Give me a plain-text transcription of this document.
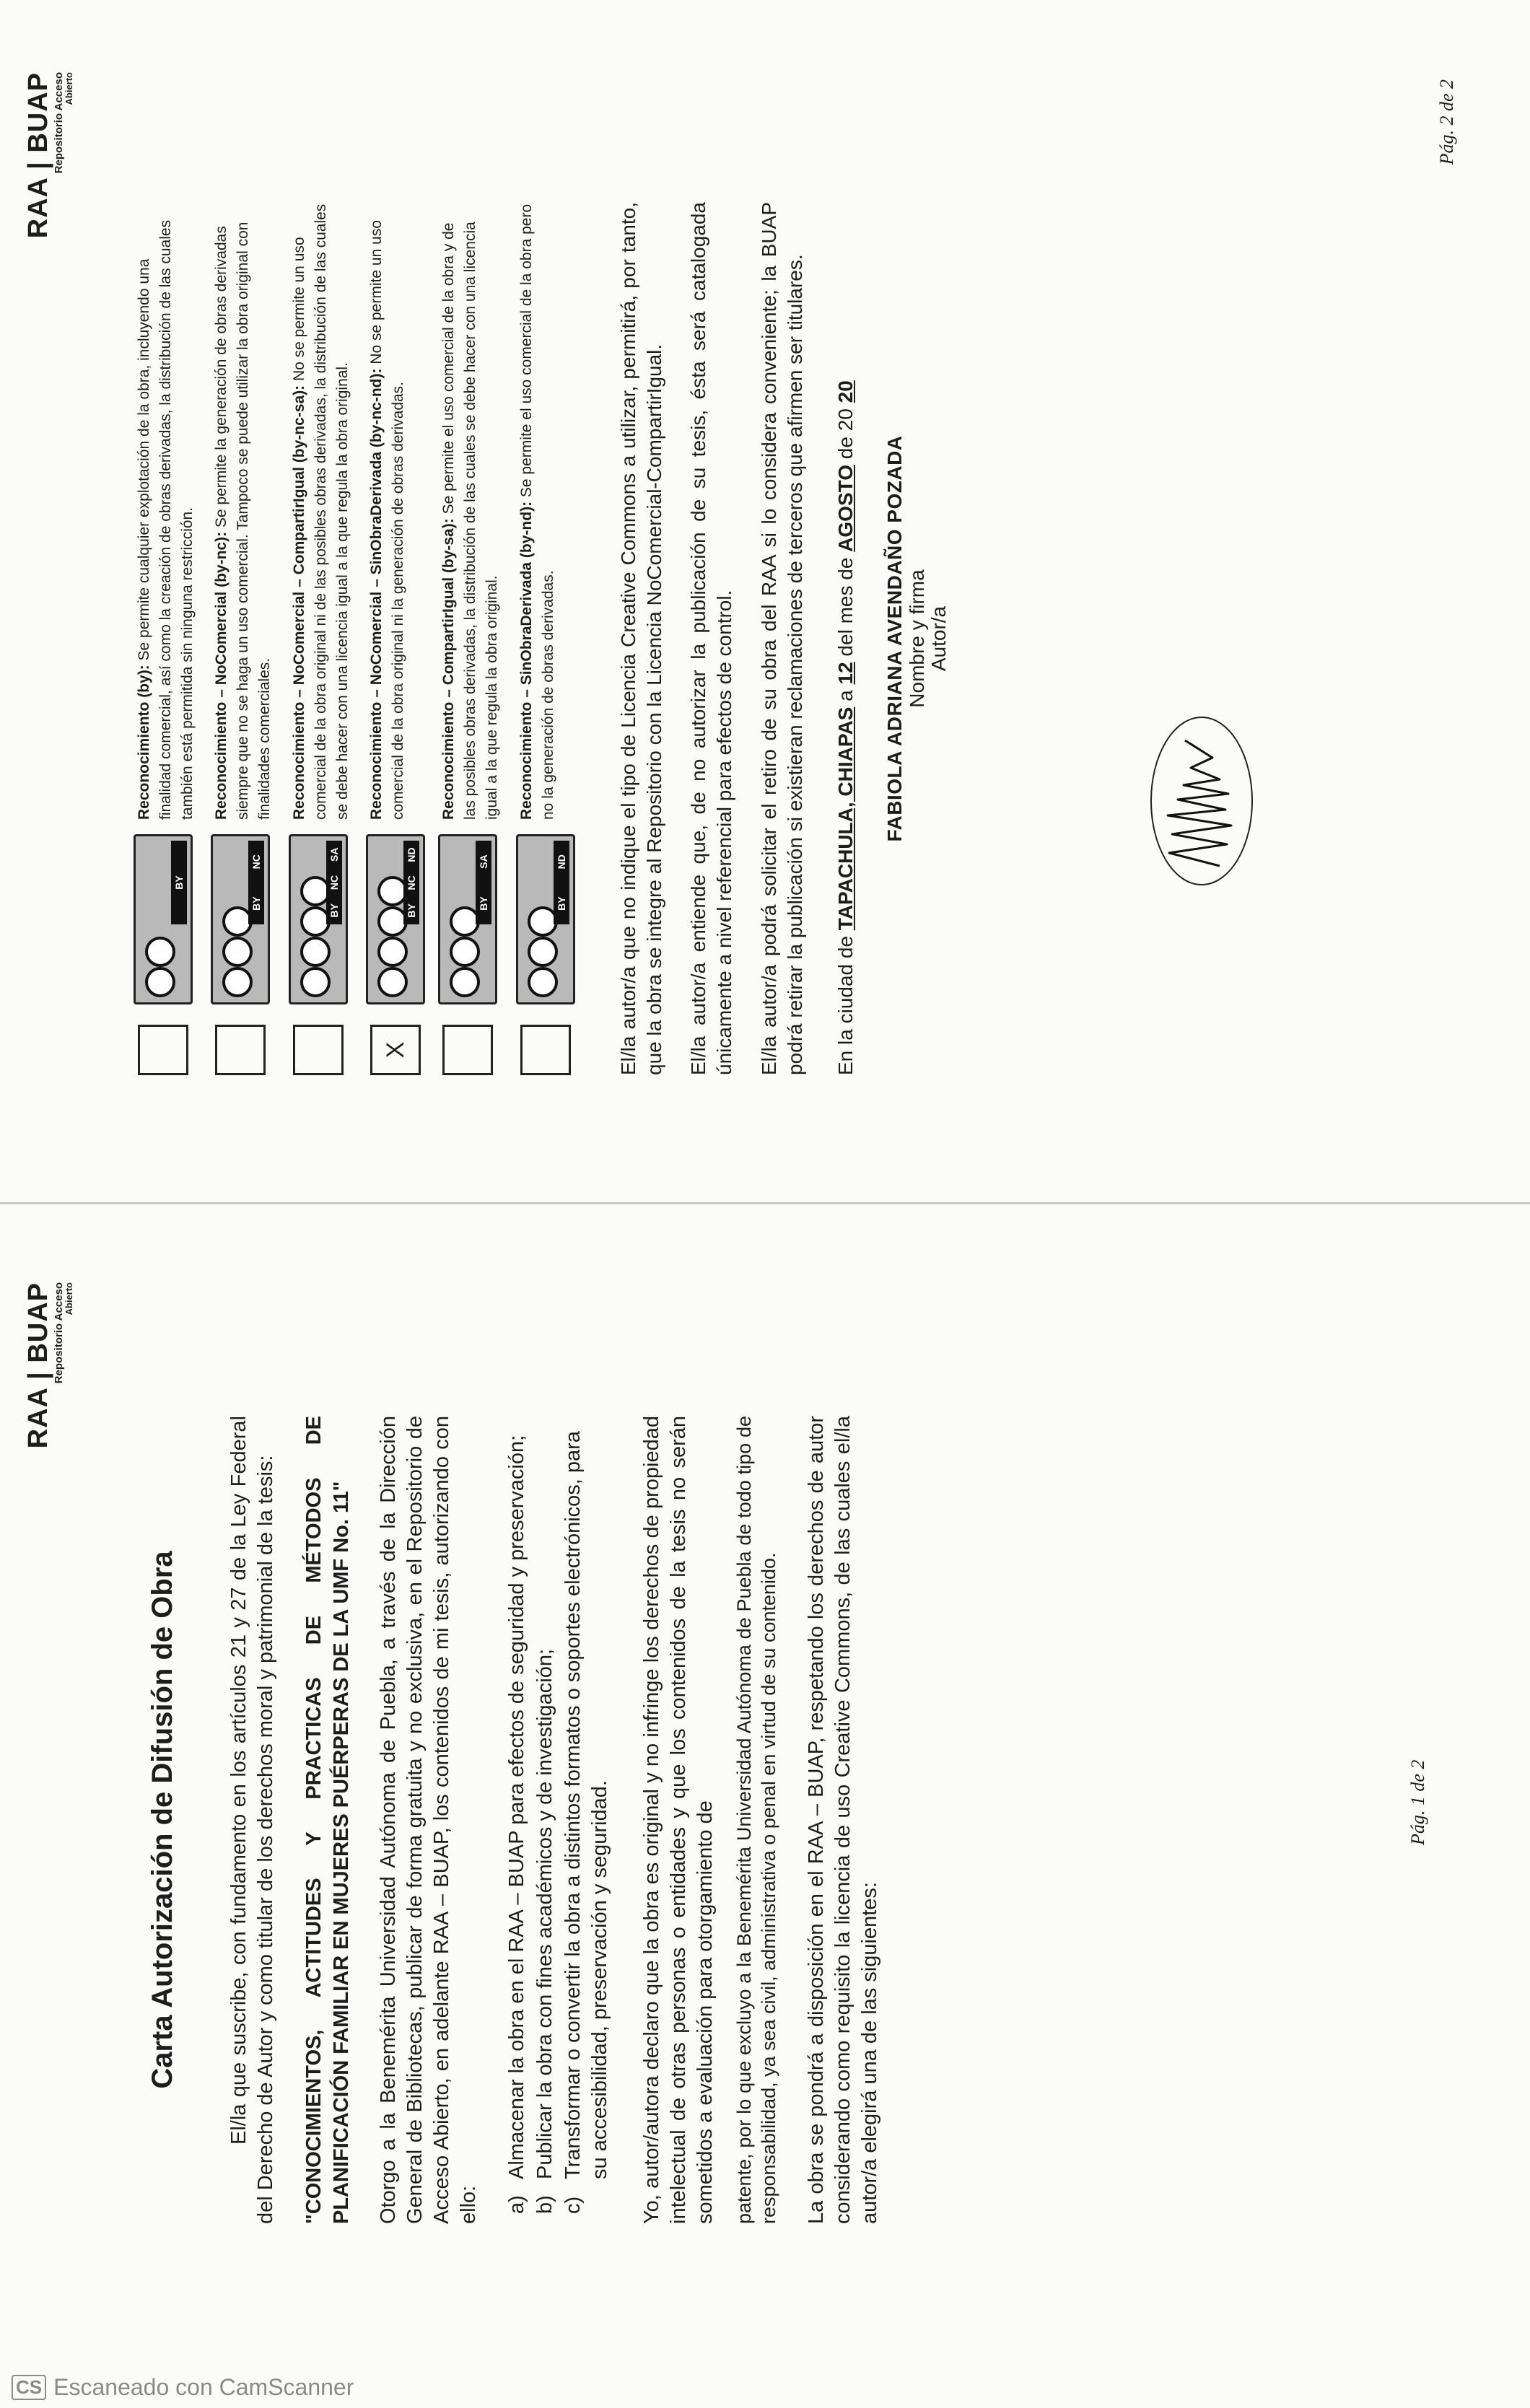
RAA | BUAP Repositorio Acceso
Abierto
Carta Autorización de Difusión de Obra El/la que suscribe, con fundamento en los artículos 21 y 27 de la Ley Federal del Derecho de Autor y como titular de los derechos moral y patrimonial de la tesis: "CONOCIMIENTOS, ACTITUDES Y PRACTICAS DE MÉTODOS DE PLANIFICACIÓN FAMILIAR EN MUJERES PUÉRPERAS DE LA UMF No. 11" Otorgo a la Benemérita Universidad Autónoma de Puebla, a través de la Dirección General de Bibliotecas, publicar de forma gratuita y no exclusiva, en el Repositorio de Acceso Abierto, en adelante RAA – BUAP, los contenidos de mi tesis, autorizando con ello: a)
Almacenar la obra en el RAA – BUAP para efectos de seguridad y preservación;
b)
Publicar la obra con fines académicos y de investigación;
c)
Transformar o convertir la obra a distintos formatos o soportes electrónicos, para su accesibilidad, preservación y seguridad. Yo, autor/autora declaro que la obra es original y no infringe los derechos de propiedad intelectual de otras personas o entidades y que los contenidos de la tesis no serán sometidos a evaluación para otorgamiento de patente, por lo que excluyo a la Benemérita Universidad Autónoma de Puebla de todo tipo de responsabilidad, ya sea civil, administrativa o penal en virtud de su contenido. La obra se pondrá a disposición en el RAA – BUAP, respetando los derechos de autor considerando como requisito la licencia de uso Creative Commons, de las cuales el/la autor/a elegirá una de las siguientes:

Pág. 1 de 2
RAA | BUAP Repositorio Acceso
Abierto
BY
Reconocimiento (by): Se permite cualquier explotación de la obra, incluyendo una finalidad comercial, así como la creación de obras derivadas, la distribución de las cuales también está permitida sin ninguna restricción.
BY
NC
Reconocimiento – NoComercial (by-nc): Se permite la generación de obras derivadas siempre que no se haga un uso comercial. Tampoco se puede utilizar la obra original con finalidades comerciales.
BY
NC
SA
Reconocimiento – NoComercial – CompartirIgual (by-nc-sa): No se permite un uso comercial de la obra original ni de las posibles obras derivadas, la distribución de las cuales se debe hacer con una licencia igual a la que regula la obra original.
X
BY
NC
ND
Reconocimiento – NoComercial – SinObraDerivada (by-nc-nd): No se permite un uso comercial de la obra original ni la generación de obras derivadas.
BY
SA
Reconocimiento – CompartirIgual (by-sa): Se permite el uso comercial de la obra y de las posibles obras derivadas, la distribución de las cuales se debe hacer con una licencia igual a la que regula la obra original.
BY
ND
Reconocimiento – SinObraDerivada (by-nd): Se permite el uso comercial de la obra pero no la generación de obras derivadas.	El/la autor/a que no indique el tipo de Licencia Creative Commons a utilizar, permitirá, por tanto, que la obra se integre al Repositorio con la Licencia NoComercial-CompartirIgual. El/la autor/a entiende que, de no autorizar la publicación de su tesis, ésta será catalogada únicamente a nivel referencial para efectos de control. El/la autor/a podrá solicitar el retiro de su obra del RAA si lo considera conveniente; la BUAP podrá retirar la publicación si existieran reclamaciones de terceros que afirmen ser titulares. En la ciudad de TAPACHULA, CHIAPAS a 12 del mes de AGOSTO de 20 20

FABIOLA ADRIANA AVENDAÑO POZADA Nombre y firma Autor/a
Pág. 2 de 2
CS Escaneado con CamScanner
